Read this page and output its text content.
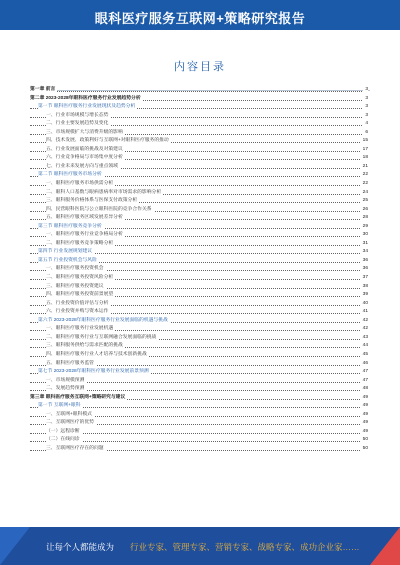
眼科医疗服务互联网+策略研究报告
内容目录
第一章 前言	3
第二章 2023-2028年眼科医疗服务行业发展趋势分析	3
第一节 眼科医疗服务行业发展现状及趋势分析	3
一、行业市场规模与增长态势	3
二、行业主要发展趋势及变化	4
三、市场规模扩大与消费升级的影响	6
四、技术发展、政策利好与互联网+对眼科医疗服务的推动	15
五、行业发展面临的挑战及对策建议	17
六、行业竞争格局与市场集中度分析	18
七、行业未来发展方向与重点领域	21
第二节 眼科医疗服务市场分析	22
一、眼科医疗服务市场供需分析	22
二、眼科人口基数与眼病患病率对市场需求的影响分析	24
三、眼科服务价格体系与医保支付政策分析	25
四、民营眼科医院与公立眼科医院的竞争合作关系	26
五、眼科医疗服务区域发展差异分析	28
第三节 眼科医疗服务竞争分析	29
一、眼科医疗服务行业竞争格局分析	30
二、眼科医疗服务竞争策略分析	31
第四节 行业发展规划建议	34
第五节 行业投资机会与风险	36
一、眼科医疗服务投资机会	36
二、眼科医疗服务投资风险分析	37
三、眼科医疗服务投资建议	38
四、眼科医疗服务投资前景展望	39
五、行业投资价值评估与分析	40
六、行业投资并购与资本运作	41
第六节 2023-2028年眼科医疗服务行业发展面临的机遇与挑战	42
一、眼科医疗服务行业发展机遇	42
二、眼科医疗服务行业与互联网融合发展面临的挑战	43
三、眼科服务供给与需求匹配的挑战	44
四、眼科医疗服务行业人才培养与技术创新挑战	45
五、眼科医疗服务监管	46
第七节 2023-2028年眼科医疗服务行业发展前景预测	47
一、市场规模预测	47
二、发展趋势预测	48
第三章 眼科医疗服务互联网+策略研究与建议	49
第一节 互联网+眼科	49
一、互联网+眼科模式	49
二、互联网医疗的优势	49
（一）远程诊断	49
（二）在线问诊	50
三、互联网医疗存在的问题	50
让每个人都能成为 行业专家、管理专家、营销专家、战略专家、成功企业家……
